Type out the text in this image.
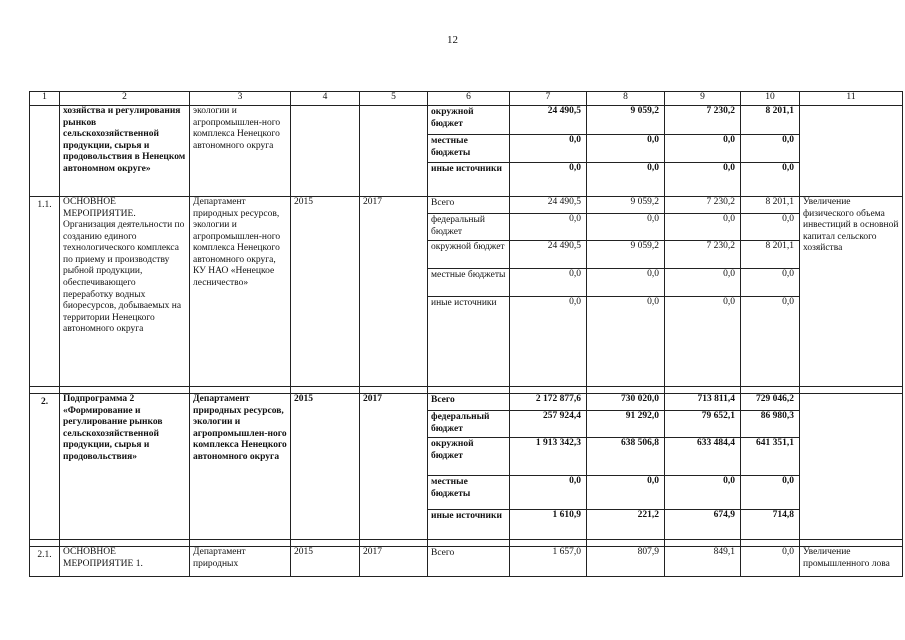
12
1	2	3	4	5	6	7	8	9	10	11
	хозяйства и регулирования рынков сельскохозяйственной продукции, сырья и продовольствия в Ненецком автономном округе»	экологии и агропромышлен-ного комплекса Ненецкого автономного округа			окружной бюджет	24 490,5	9 059,2	7 230,2	8 201,1	
					местные бюджеты	0,0	0,0	0,0	0,0	
					иные источники	0,0	0,0	0,0	0,0	
1.1.	ОСНОВНОЕ МЕРОПРИЯТИЕ. Организация деятельности по созданию единого технологического комплекса по приему и производству рыбной продукции, обеспечивающего переработку водных биоресурсов, добываемых на территории Ненецкого автономного округа	Департамент природных ресурсов, экологии и агропромышлен-ного комплекса Ненецкого автономного округа, КУ НАО «Ненецкое лесничество»	2015	2017	Всего	24 490,5	9 059,2	7 230,2	8 201,1	Увеличение физического объема инвестиций в основной капитал сельского хозяйства
					федеральный бюджет	0,0	0,0	0,0	0,0	
					окружной бюджет	24 490,5	9 059,2	7 230,2	8 201,1	
					местные бюджеты	0,0	0,0	0,0	0,0	
					иные источники	0,0	0,0	0,0	0,0	

2.	Подпрограмма 2 «Формирование и регулирование рынков сельскохозяйственной продукции, сырья и продовольствия»	Департамент природных ресурсов, экологии и агропромышлен-ного комплекса Ненецкого автономного округа	2015	2017	Всего	2 172 877,6	730 020,0	713 811,4	729 046,2	
					федеральный бюджет	257 924,4	91 292,0	79 652,1	86 980,3	
					окружной бюджет	1 913 342,3	638 506,8	633 484,4	641 351,1	
					местные бюджеты	0,0	0,0	0,0	0,0	
					иные источники	1 610,9	221,2	674,9	714,8	

2.1.	ОСНОВНОЕ МЕРОПРИЯТИЕ 1.	Департамент природных	2015	2017	Всего	1 657,0	807,9	849,1	0,0	Увеличение промышленного лова
